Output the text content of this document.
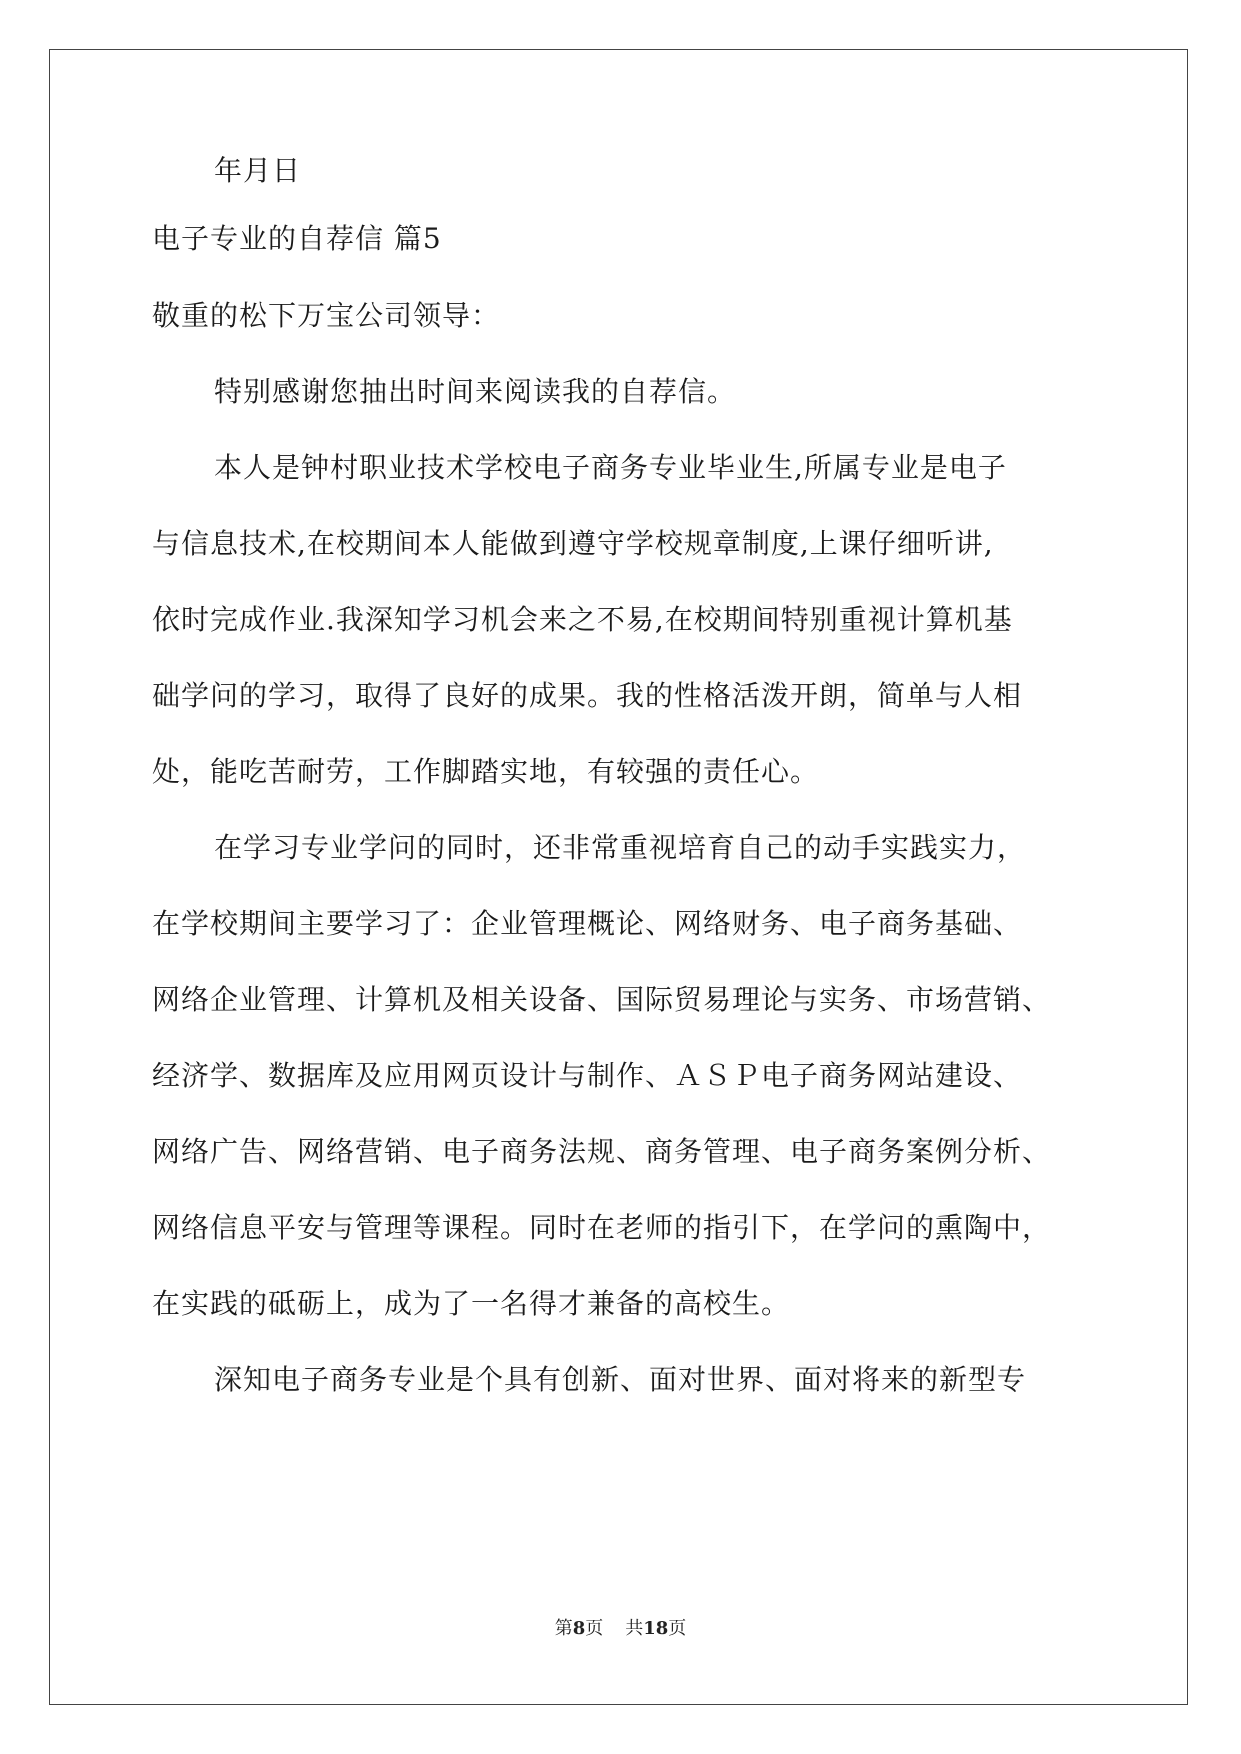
年月日
电子专业的自荐信 篇5
敬重的松下万宝公司领导：
特别感谢您抽出时间来阅读我的自荐信。
本人是钟村职业技术学校电子商务专业毕业生,所属专业是电子
与信息技术,在校期间本人能做到遵守学校规章制度,上课仔细听讲,
依时完成作业.我深知学习机会来之不易,在校期间特别重视计算机基
础学问的学习，取得了良好的成果。我的性格活泼开朗，简单与人相
处，能吃苦耐劳，工作脚踏实地，有较强的责任心。
在学习专业学问的同时，还非常重视培育自己的动手实践实力，
在学校期间主要学习了：企业管理概论、网络财务、电子商务基础、
网络企业管理、计算机及相关设备、国际贸易理论与实务、市场营销、
经济学、数据库及应用网页设计与制作、ＡＳＰ电子商务网站建设、
网络广告、网络营销、电子商务法规、商务管理、电子商务案例分析、
网络信息平安与管理等课程。同时在老师的指引下，在学问的熏陶中，
在实践的砥砺上，成为了一名得才兼备的高校生。
深知电子商务专业是个具有创新、面对世界、面对将来的新型专
第8页 共18页
